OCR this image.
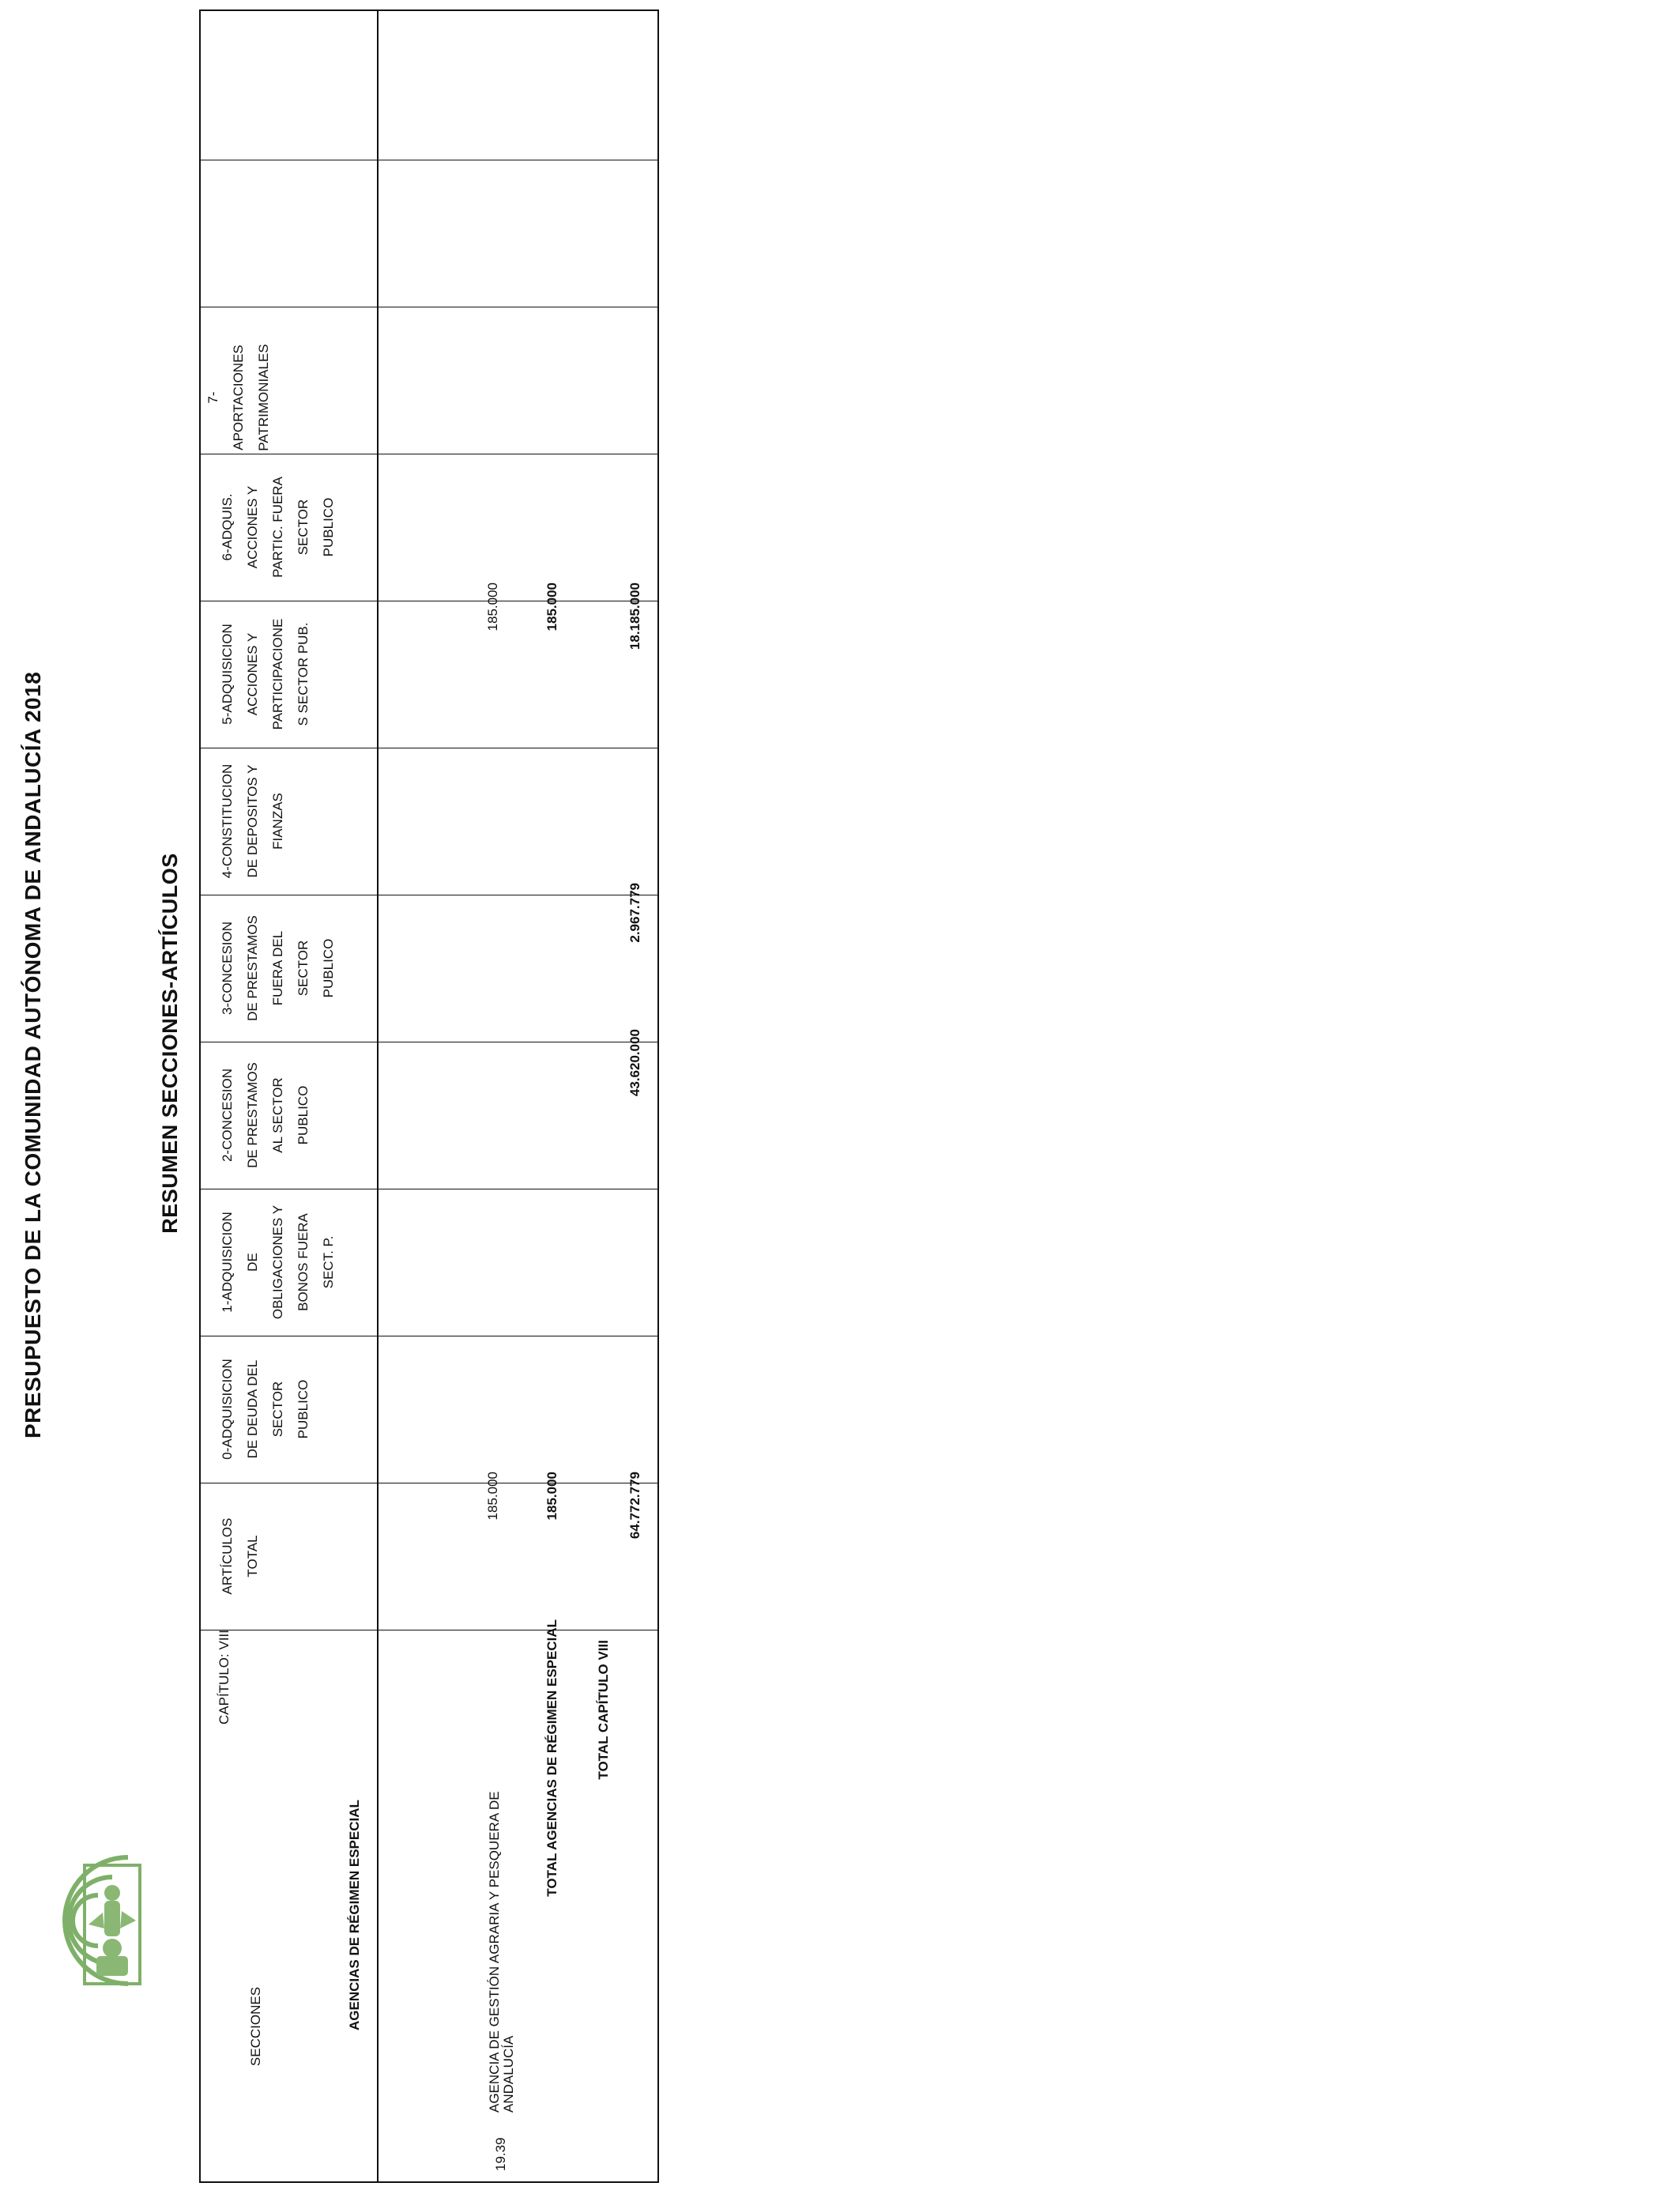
PRESUPUESTO DE LA COMUNIDAD AUTÓNOMA DE ANDALUCÍA 2018	RESUMEN SECCIONES-ARTÍCULOS
7- APORTACIONES PATRIMONIALES
6-ADQUIS. ACCIONES Y PARTIC. FUERA SECTOR PUBLICO
5-ADQUISICION ACCIONES Y PARTICIPACIONE S SECTOR PUB.
4-CONSTITUCION DE DEPOSITOS Y FIANZAS
3-CONCESION DE PRESTAMOS FUERA DEL SECTOR PUBLICO
2-CONCESION DE PRESTAMOS AL SECTOR PUBLICO
1-ADQUISICION DE OBLIGACIONES Y BONOS FUERA SECT. P.
0-ADQUISICION DE DEUDA DEL SECTOR PUBLICO
ARTÍCULOS TOTAL
CAPÍTULO: VIII
SECCIONES	AGENCIAS DE RÉGIMEN ESPECIAL
19.39
AGENCIA DE GESTIÓN AGRARIA Y PESQUERA DE ANDALUCÍA
185.000
185.000
TOTAL AGENCIAS DE RÉGIMEN ESPECIAL
185.000
185.000
TOTAL CAPÍTULO VIII
64.772.779
43.620.000
2.967.779
18.185.000
